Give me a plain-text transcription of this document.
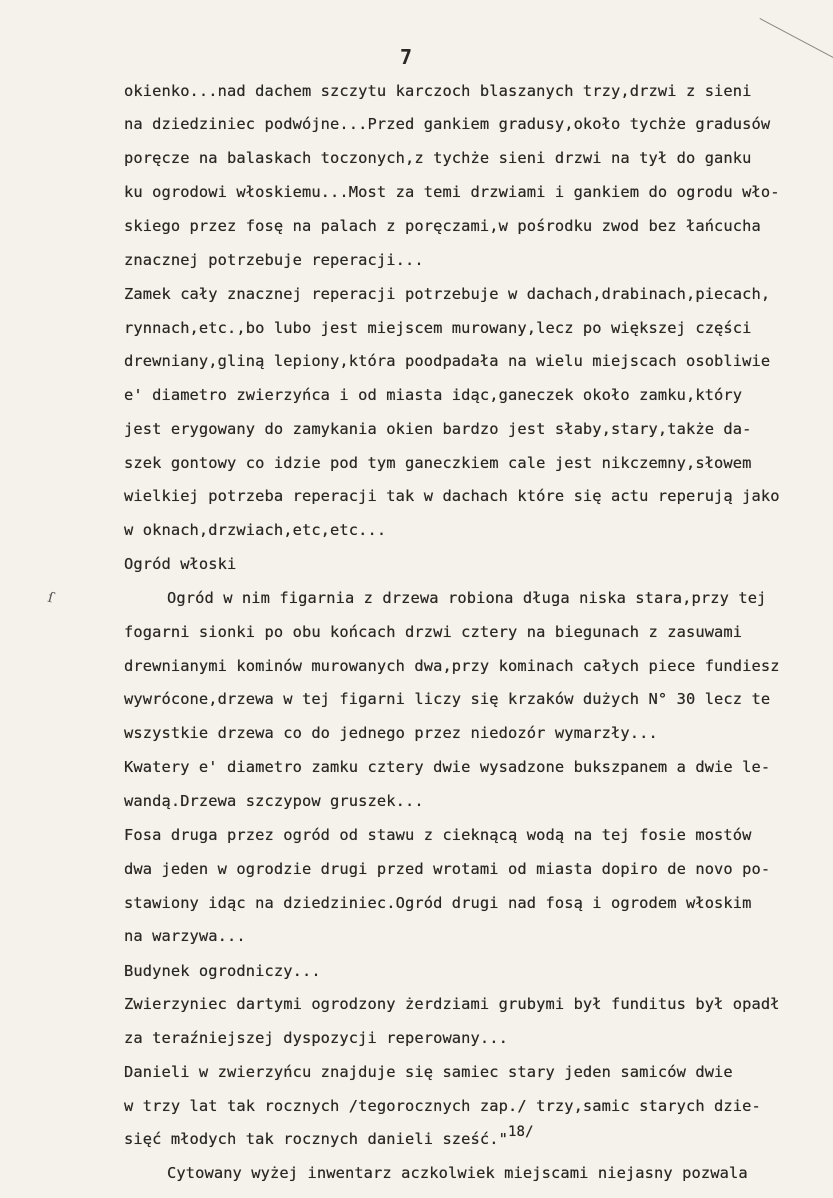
7
ſ
okienko...nad dachem szczytu karczoch blaszanych trzy,drzwi z sieni
na dziedziniec podwójne...Przed gankiem gradusy,około tychże gradusów
poręcze na balaskach toczonych,z tychże sieni drzwi na tył do ganku
ku ogrodowi włoskiemu...Most za temi drzwiami i gankiem do ogrodu wło-
skiego przez fosę na palach z poręczami,w pośrodku zwod bez łańcucha
znacznej potrzebuje reperacji...
Zamek cały znacznej reperacji potrzebuje w dachach,drabinach,piecach,
rynnach,etc.,bo lubo jest miejscem murowany,lecz po większej części
drewniany,gliną lepiony,która poodpadała na wielu miejscach osobliwie
e' diametro zwierzyńca i od miasta idąc,ganeczek około zamku,który
jest erygowany do zamykania okien bardzo jest słaby,stary,także da-
szek gontowy co idzie pod tym ganeczkiem cale jest nikczemny,słowem
wielkiej potrzeba reperacji tak w dachach które się actu reperują jako
w oknach,drzwiach,etc,etc...
Ogród włoski
Ogród w nim figarnia z drzewa robiona długa niska stara,przy tej
fogarni sionki po obu końcach drzwi cztery na biegunach z zasuwami
drewnianymi kominów murowanych dwa,przy kominach całych piece fundiesz
wywrócone,drzewa w tej figarni liczy się krzaków dużych N° 30 lecz te
wszystkie drzewa co do jednego przez niedozór wymarzły...
Kwatery e' diametro zamku cztery dwie wysadzone bukszpanem a dwie le-
wandą.Drzewa szczypow gruszek...
Fosa druga przez ogród od stawu z cieknącą wodą na tej fosie mostów
dwa jeden w ogrodzie drugi przed wrotami od miasta dopiro de novo po-
stawiony idąc na dziedziniec.Ogród drugi nad fosą i ogrodem włoskim
na warzywa...
Budynek ogrodniczy...
Zwierzyniec dartymi ogrodzony żerdziami grubymi był funditus był opadł
za teraźniejszej dyspozycji reperowany...
Danieli w zwierzyńcu znajduje się samiec stary jeden samiców dwie
w trzy lat tak rocznych /tegorocznych zap./ trzy,samic starych dzie-
sięć młodych tak rocznych danieli sześć."18/
Cytowany wyżej inwentarz aczkolwiek miejscami niejasny pozwala
